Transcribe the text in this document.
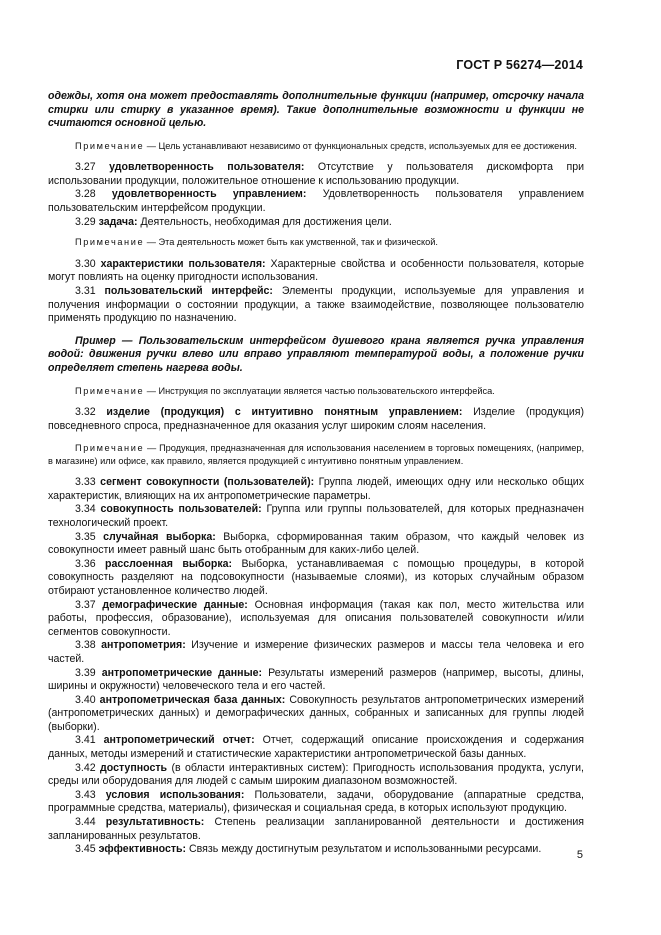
ГОСТ Р 56274—2014

одежды, хотя она может предоставлять дополнительные функции (например, отсрочку начала стирки или стирку в указанное время). Такие дополнительные возможности и функции не считаются основной целью.

Примечание — Цель устанавливают независимо от функциональных средств, используемых для ее достижения.

3.27 удовлетворенность пользователя: Отсутствие у пользователя дискомфорта при использовании продукции, положительное отношение к использованию продукции.

3.28 удовлетворенность управлением: Удовлетворенность пользователя управлением пользовательским интерфейсом продукции.

3.29 задача: Деятельность, необходимая для достижения цели.

Примечание — Эта деятельность может быть как умственной, так и физической.

3.30 характеристики пользователя: Характерные свойства и особенности пользователя, которые могут повлиять на оценку пригодности использования.

3.31 пользовательский интерфейс: Элементы продукции, используемые для управления и получения информации о состоянии продукции, а также взаимодействие, позволяющее пользователю применять продукцию по назначению.

Пример — Пользовательским интерфейсом душевого крана является ручка управления водой: движения ручки влево или вправо управляют температурой воды, а положение ручки определяет степень нагрева воды.

Примечание — Инструкция по эксплуатации является частью пользовательского интерфейса.

3.32 изделие (продукция) с интуитивно понятным управлением: Изделие (продукция) повседневного спроса, предназначенное для оказания услуг широким слоям населения.

Примечание — Продукция, предназначенная для использования населением в торговых помещениях, (например, в магазине) или офисе, как правило, является продукцией с интуитивно понятным управлением.

3.33 сегмент совокупности (пользователей): Группа людей, имеющих одну или несколько общих характеристик, влияющих на их антропометрические параметры.

3.34 совокупность пользователей: Группа или группы пользователей, для которых предназначен технологический проект.

3.35 случайная выборка: Выборка, сформированная таким образом, что каждый человек из совокупности имеет равный шанс быть отобранным для каких-либо целей.

3.36 расслоенная выборка: Выборка, устанавливаемая с помощью процедуры, в которой совокупность разделяют на подсовокупности (называемые слоями), из которых случайным образом отбирают установленное количество людей.

3.37 демографические данные: Основная информация (такая как пол, место жительства или работы, профессия, образование), используемая для описания пользователей совокупности и/или сегментов совокупности.

3.38 антропометрия: Изучение и измерение физических размеров и массы тела человека и его частей.

3.39 антропометрические данные: Результаты измерений размеров (например, высоты, длины, ширины и окружности) человеческого тела и его частей.

3.40 антропометрическая база данных: Совокупность результатов антропометрических измерений (антропометрических данных) и демографических данных, собранных и записанных для группы людей (выборки).

3.41 антропометрический отчет: Отчет, содержащий описание происхождения и содержания данных, методы измерений и статистические характеристики антропометрической базы данных.

3.42 доступность (в области интерактивных систем): Пригодность использования продукта, услуги, среды или оборудования для людей с самым широким диапазоном возможностей.

3.43 условия использования: Пользователи, задачи, оборудование (аппаратные средства, программные средства, материалы), физическая и социальная среда, в которых используют продукцию.

3.44 результативность: Степень реализации запланированной деятельности и достижения запланированных результатов.

3.45 эффективность: Связь между достигнутым результатом и использованными ресурсами.	5
